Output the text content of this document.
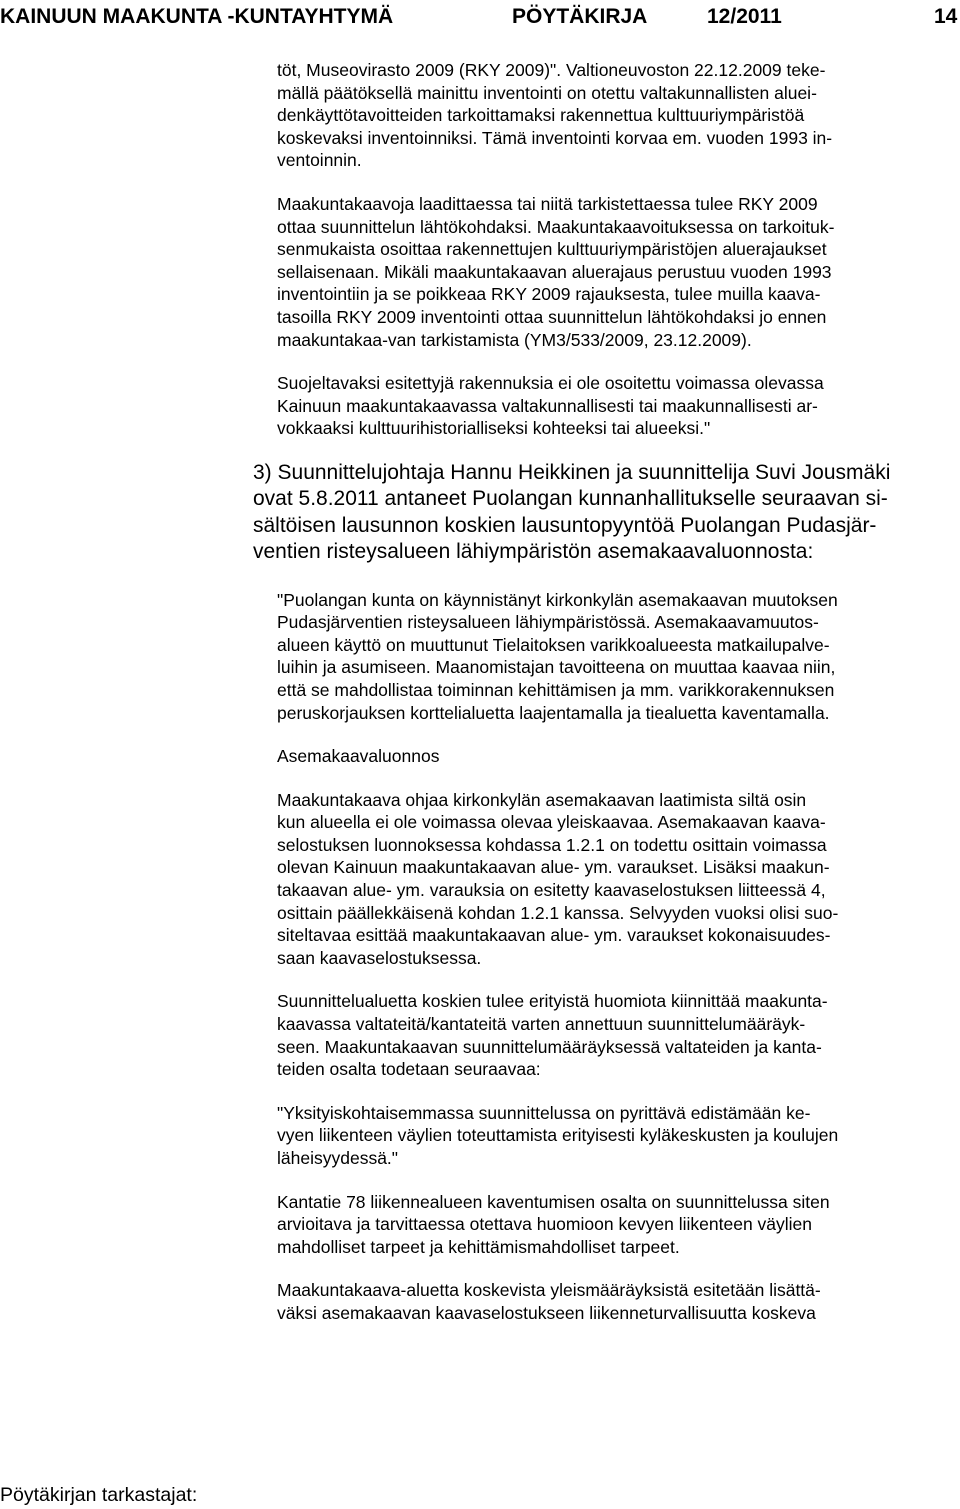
KAINUUN MAAKUNTA -KUNTAYHTYMÄ	PÖYTÄKIRJA	12/2011	14

töt, Museovirasto 2009 (RKY 2009)". Valtioneuvoston 22.12.2009 teke-
mällä päätöksellä mainittu inventointi on otettu valtakunnallisten aluei-
denkäyttötavoitteiden tarkoittamaksi rakennettua kulttuuriympäristöä
koskevaksi inventoinniksi. Tämä inventointi korvaa em. vuoden 1993 in-
ventoinnin.

Maakuntakaavoja laadittaessa tai niitä tarkistettaessa tulee RKY 2009
ottaa suunnittelun lähtökohdaksi. Maakuntakaavoituksessa on tarkoituk-
senmukaista osoittaa rakennettujen kulttuuriympäristöjen aluerajaukset
sellaisenaan. Mikäli maakuntakaavan aluerajaus perustuu vuoden 1993
inventointiin ja se poikkeaa RKY 2009 rajauksesta, tulee muilla kaava-
tasoilla RKY 2009 inventointi ottaa suunnittelun lähtökohdaksi jo ennen
maakuntakaa-van tarkistamista (YM3/533/2009, 23.12.2009).

Suojeltavaksi esitettyjä rakennuksia ei ole osoitettu voimassa olevassa
Kainuun maakuntakaavassa valtakunnallisesti tai maakunnallisesti ar-
vokkaaksi kulttuurihistorialliseksi kohteeksi tai alueeksi."

3) Suunnittelujohtaja Hannu Heikkinen ja suunnittelija Suvi Jousmäki
ovat 5.8.2011 antaneet Puolangan kunnanhallitukselle seuraavan si-
sältöisen lausunnon koskien lausuntopyyntöä Puolangan Pudasjär-
ventien risteysalueen lähiympäristön asemakaavaluonnosta:

"Puolangan kunta on käynnistänyt kirkonkylän asemakaavan muutoksen
Pudasjärventien risteysalueen lähiympäristössä. Asemakaavamuutos-
alueen käyttö on muuttunut Tielaitoksen varikkoalueesta matkailupalve-
luihin ja asumiseen. Maanomistajan tavoitteena on muuttaa kaavaa niin,
että se mahdollistaa toiminnan kehittämisen ja mm. varikkorakennuksen
peruskorjauksen korttelialuetta laajentamalla ja tiealuetta kaventamalla.

Asemakaavaluonnos

Maakuntakaava ohjaa kirkonkylän asemakaavan laatimista siltä osin
kun alueella ei ole voimassa olevaa yleiskaavaa. Asemakaavan kaava-
selostuksen luonnoksessa kohdassa 1.2.1 on todettu osittain voimassa
olevan Kainuun maakuntakaavan alue- ym. varaukset. Lisäksi maakun-
takaavan alue- ym. varauksia on esitetty kaavaselostuksen liitteessä 4,
osittain päällekkäisenä kohdan 1.2.1 kanssa. Selvyyden vuoksi olisi suo-
siteltavaa esittää maakuntakaavan alue- ym. varaukset kokonaisuudes-
saan kaavaselostuksessa.

Suunnittelualuetta koskien tulee erityistä huomiota kiinnittää maakunta-
kaavassa valtateitä/kantateitä varten annettuun suunnittelumääräyk-
seen. Maakuntakaavan suunnittelumääräyksessä valtateiden ja kanta-
teiden osalta todetaan seuraavaa:

"Yksityiskohtaisemmassa suunnittelussa on pyrittävä edistämään ke-
vyen liikenteen väylien toteuttamista erityisesti kyläkeskusten ja koulujen
läheisyydessä."

Kantatie 78 liikennealueen kaventumisen osalta on suunnittelussa siten
arvioitava ja tarvittaessa otettava huomioon kevyen liikenteen väylien
mahdolliset tarpeet ja kehittämismahdolliset tarpeet.

Maakuntakaava-aluetta koskevista yleismääräyksistä esitetään lisättä-
väksi asemakaavan kaavaselostukseen liikenneturvallisuutta koskeva

Pöytäkirjan tarkastajat:
